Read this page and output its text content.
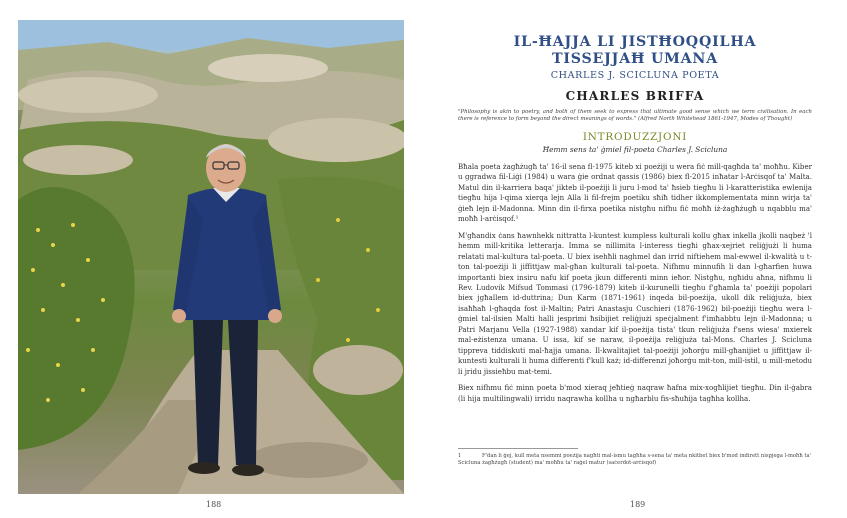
188
IL-ĦAJJA LI JISTĦOQQILHA
TISSEJJAĦ UMANA
CHARLES J. SCICLUNA POETA
CHARLES BRIFFA

"Philosophy is akin to poetry, and both of them seek to express that ultimate good sense which we term civilisation. In each there is reference to form beyond the direct meanings of words." (Alfred North Whitehead 1861-1947, Modes of Thought)

INTRODUZZJONI
Ħemm sens ta' ġmiel fil-poeta Charles J. Scicluna

Bħala poeta żagħżugħ ta' 16-il sena fl-1975 kiteb xi poeżiji u wera fiċ mill-qagħda ta' moħħu. Kiber u ggradwa fil-Liġi (1984) u wara ġie ordnat qassis (1986) biex fl-2015 inħatar l-Arċisqof ta' Malta. Matul din il-karriera baqa' jikteb il-poeżiji li juru l-mod ta' ħsieb tiegħu li l-karatteristika ewlenija tiegħu hija l-qima xierqa lejn Alla li fil-frejm poetiku sħiħ tidher ikkomplementata minn wirja ta' ġieħ lejn il-Madonna. Minn din il-firxa poetika nistgħu nifhu fiċ moħħ iż-żagħżugħ u nqabblu ma' moħħ l-arċisqof.¹

M'għandix ċans ħawnhekk nittratta l-kuntest kumpless kulturali kollu għax inkella jkolli naqbeż 'l hemm mill-kritika letterarja. Imma se nillimita l-interess tiegħi għax-xejriet reliġjużi li huma relatati mal-kultura tal-poeta. U biex isehħli naghmel dan irrid niftiehem mal-ewwel il-kwalità u t-ton tal-poeżiji li jiffittjaw mal-għan kulturali tal-poeta. Nifhmu minnufih li dan l-għarfien huwa importanti biex insiru nafu kif poeta jkun differenti minn ieħor. Nistgħu, ngħidu aħna, nifhmu li Rev. Ludovik Mifsud Tommasi (1796-1879) kiteb il-kurunelli tiegħu f'għamla ta' poeżiji popolari biex jgħallem id-duttrina; Dun Karm (1871-1961) inqeda bil-poeżija, ukoll dik reliġjuża, biex isaħħaħ l-għaqda fost il-Maltin; Patri Anastasju Cuschieri (1876-1962) bil-poeżiji tiegħu wera l-ġmiel tal-ilsien Malti halli jesprimi ħsibijiet reliġjużi speċjalment f'imħabbtu lejn il-Madonna; u Patri Marjanu Vella (1927-1988) xandar kif il-poeżija tista' tkun reliġjuża f'sens wiesa' mxierek mal-eżistenza umana. U issa, kif se naraw, il-poeżija reliġjuża tal-Mons. Charles J. Scicluna tippreva tiddiskuti mal-ħajja umana. Il-kwalitajiet tal-poeżiji joħorġu mill-għanijiet u jiffittjaw il-kuntesti kulturali li huma differenti f'kull każ; id-differenzi joħorġu mit-ton, mill-istil, u mill-metodu li jridu jissieħbu mat-temi.

Biex nifhmu fiċ minn poeta b'mod xieraq jeħtieġ naqraw ħafna mix-xogħlijiet tiegħu. Din il-ġabra (li hija multilingwali) irridu naqrawha kollha u ngħarblu fis-sħuħija tagħha kollha.

1	F'dan li ġej, kull meta nsemmi poeżija nagħti mal-ismu tagħha s-sena ta' meta nkitbet biex b'mod indirett nispjega l-moħħ ta' Scicluna żagħżugħ (student) ma' moħħu ta' raġel matur (saċerdot-arċisqof)
189
